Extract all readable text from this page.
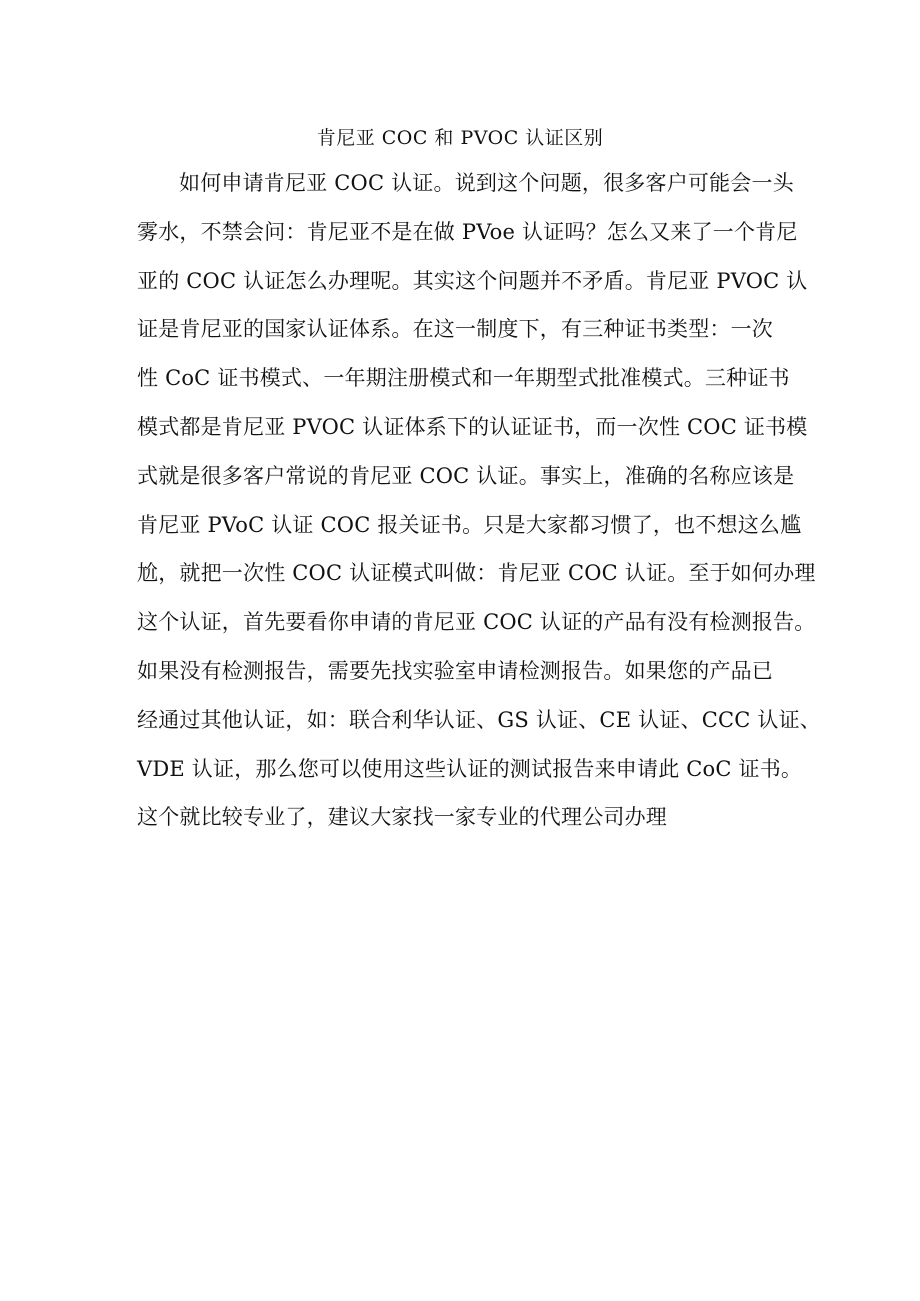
肯尼亚 COC 和 PVOC 认证区别
如何申请肯尼亚 COC 认证。说到这个问题，很多客户可能会一头
雾水，不禁会问：肯尼亚不是在做 PVoe 认证吗？怎么又来了一个肯尼
亚的 COC 认证怎么办理呢。其实这个问题并不矛盾。肯尼亚 PVOC 认
证是肯尼亚的国家认证体系。在这一制度下，有三种证书类型：一次
性 CoC 证书模式、一年期注册模式和一年期型式批准模式。三种证书
模式都是肯尼亚 PVOC 认证体系下的认证证书，而一次性 COC 证书模
式就是很多客户常说的肯尼亚 COC 认证。事实上，准确的名称应该是
肯尼亚 PVoC 认证 COC 报关证书。只是大家都习惯了，也不想这么尴
尬，就把一次性 COC 认证模式叫做：肯尼亚 COC 认证。至于如何办理
这个认证，首先要看你申请的肯尼亚 COC 认证的产品有没有检测报告。
如果没有检测报告，需要先找实验室申请检测报告。如果您的产品已
经通过其他认证，如：联合利华认证、GS 认证、CE 认证、CCC 认证、
VDE 认证，那么您可以使用这些认证的测试报告来申请此 CoC 证书。
这个就比较专业了，建议大家找一家专业的代理公司办理
